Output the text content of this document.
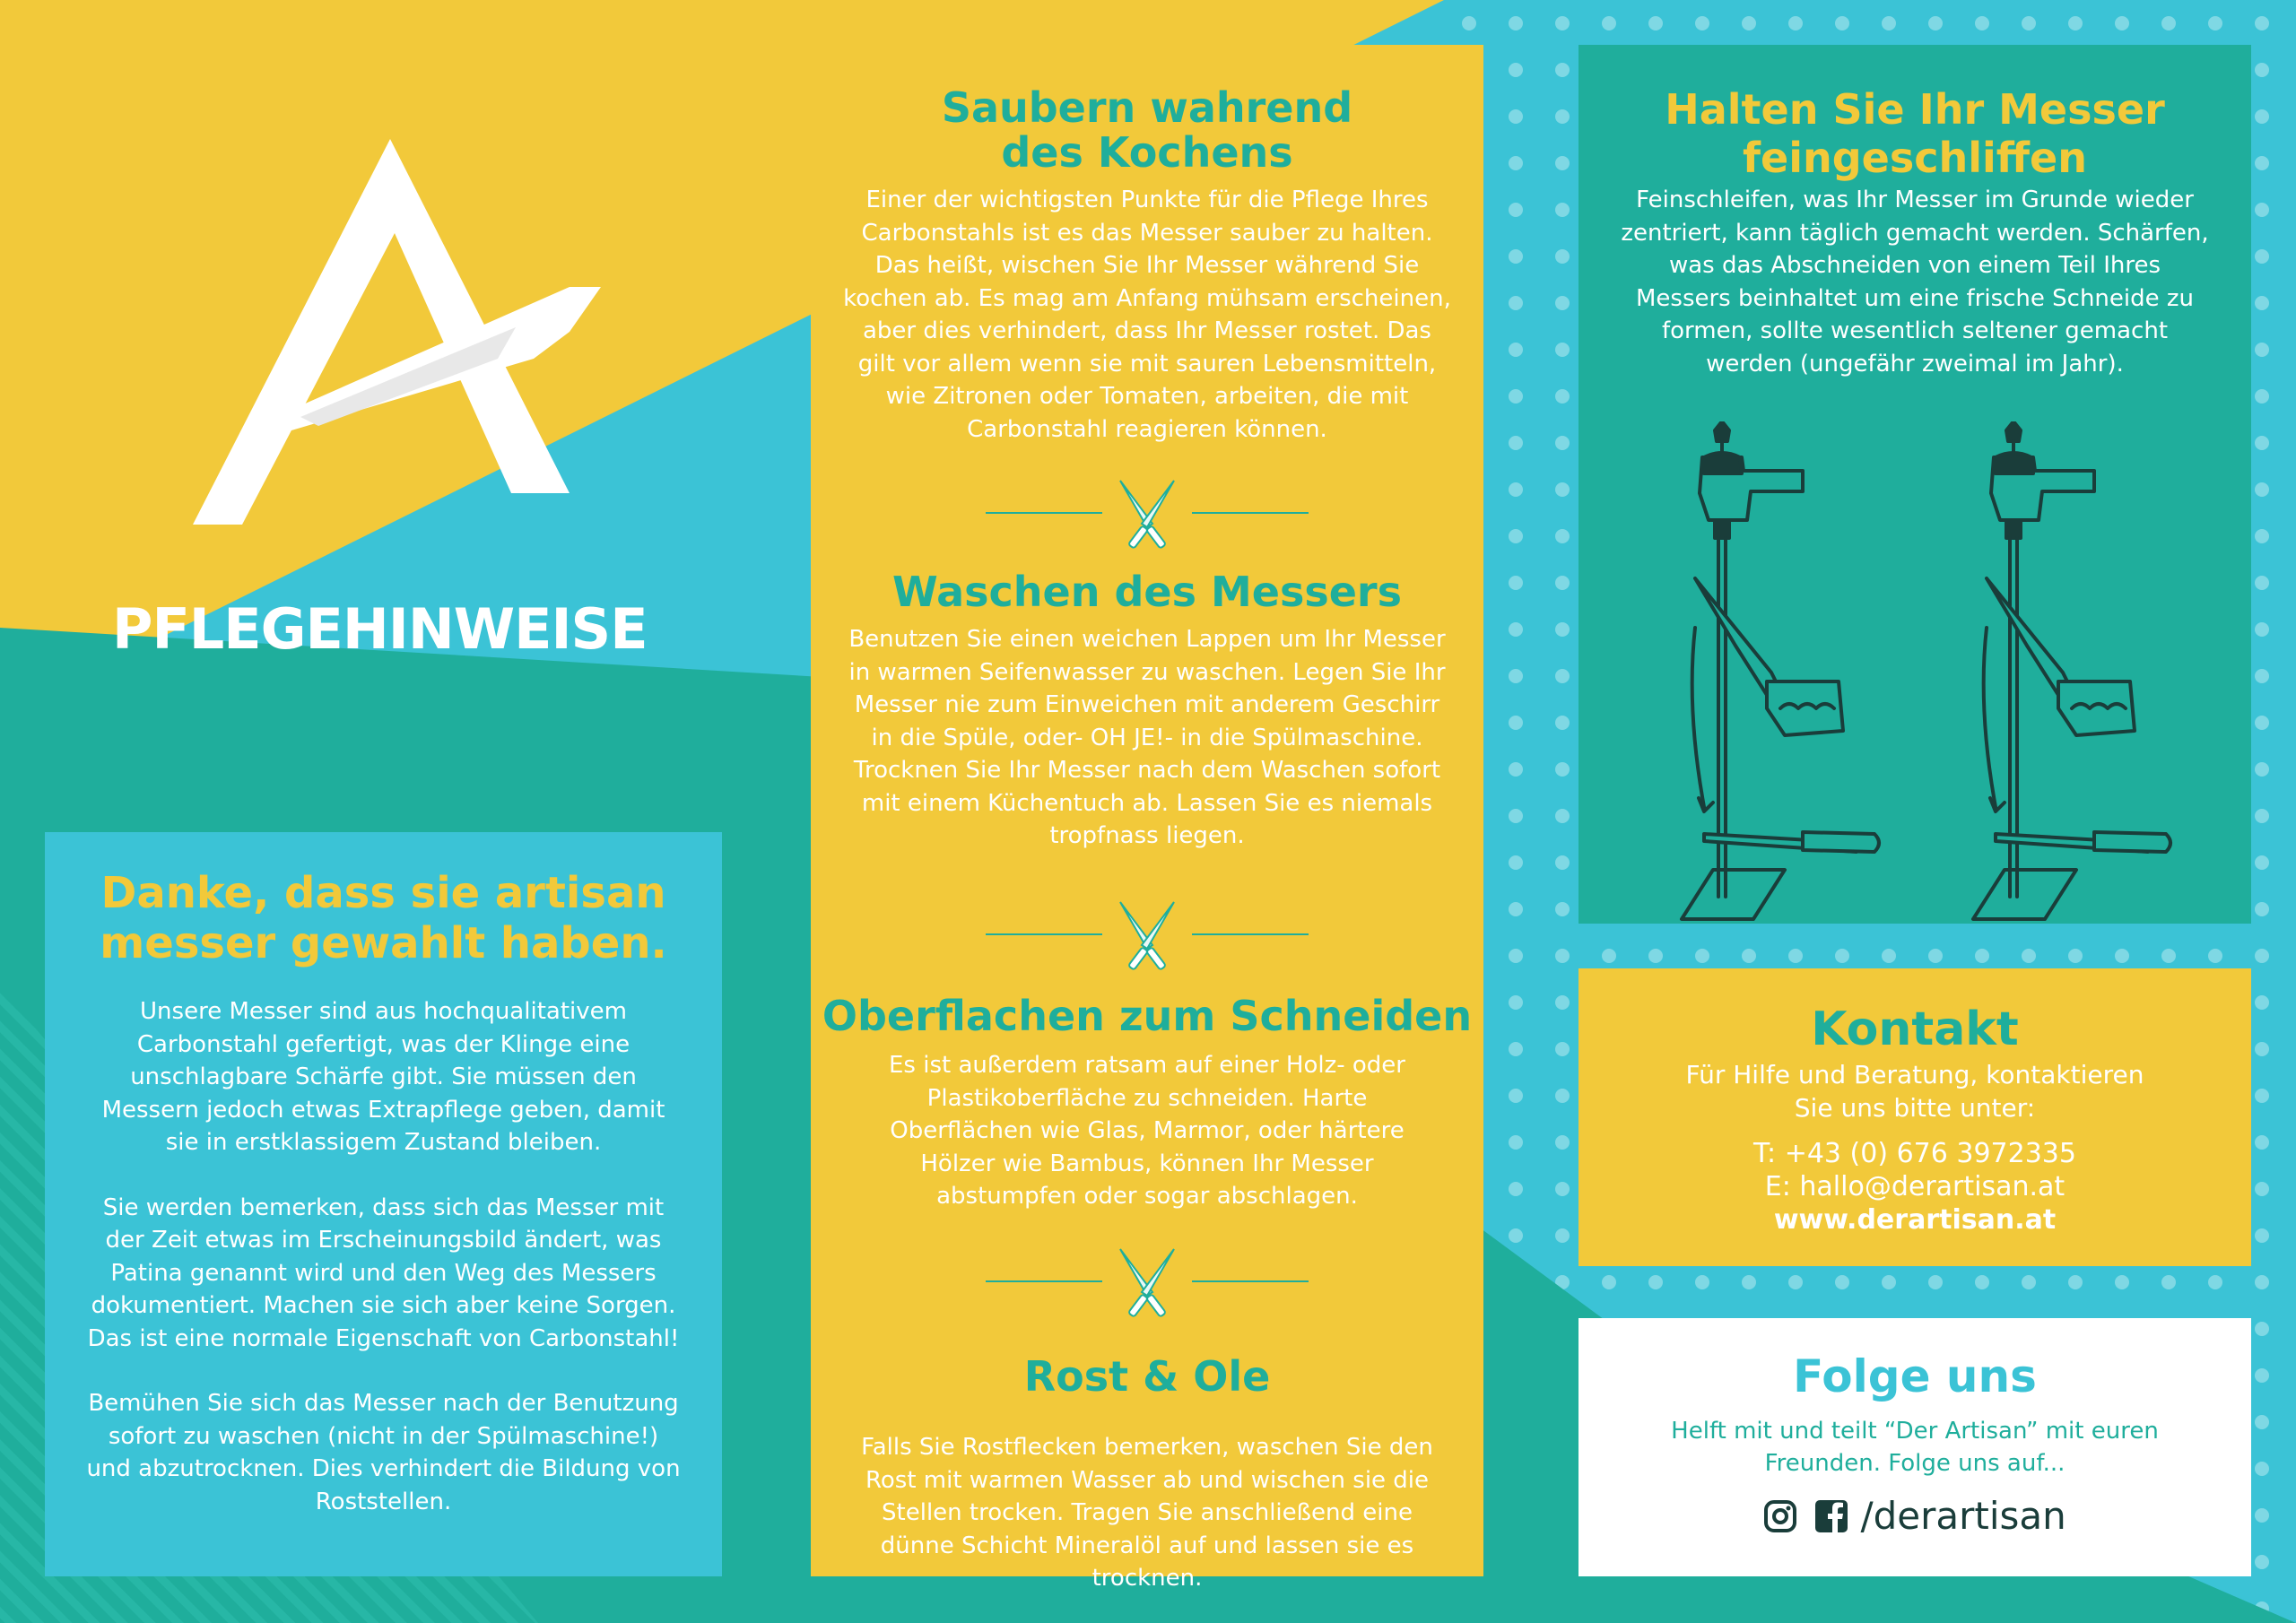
PFLEGEHINWEISE
Danke, dass sie artisan
messer gewahlt haben.

Unsere Messer sind aus hochqualitativem Carbonstahl gefertigt, was der Klinge eine unschlagbare Schärfe gibt. Sie müssen den Messern jedoch etwas Extrapflege geben, damit sie in erstklassigem Zustand bleiben.

Sie werden bemerken, dass sich das Messer mit der Zeit etwas im Erscheinungsbild ändert, was Patina genannt wird und den Weg des Messers dokumentiert. Machen sie sich aber keine Sorgen. Das ist eine normale Eigenschaft von Carbonstahl!

Bemühen Sie sich das Messer nach der Benutzung sofort zu waschen (nicht in der Spülmaschine!) und abzutrocknen. Dies verhindert die Bildung von Roststellen.

Saubern wahrend
des Kochens
Einer der wichtigsten Punkte für die Pflege Ihres Carbonstahls ist es das Messer sauber zu halten. Das heißt, wischen Sie Ihr Messer während Sie kochen ab. Es mag am Anfang mühsam erscheinen, aber dies verhindert, dass Ihr Messer rostet. Das gilt vor allem wenn sie mit sauren Lebensmitteln, wie Zitronen oder Tomaten, arbeiten, die mit Carbonstahl reagieren können.
Waschen des Messers
Benutzen Sie einen weichen Lappen um Ihr Messer in warmen Seifenwasser zu waschen. Legen Sie Ihr Messer nie zum Einweichen mit anderem Geschirr in die Spüle, oder- OH JE!- in die Spülmaschine. Trocknen Sie Ihr Messer nach dem Waschen sofort mit einem Küchentuch ab. Lassen Sie es niemals tropfnass liegen.
Oberflachen zum Schneiden
Es ist außerdem ratsam auf einer Holz- oder Plastikoberfläche zu schneiden. Harte Oberflächen wie Glas, Marmor, oder härtere Hölzer wie Bambus, können Ihr Messer abstumpfen oder sogar abschlagen.
Rost & Ole
Falls Sie Rostflecken bemerken, waschen Sie den Rost mit warmen Wasser ab und wischen sie die Stellen trocken. Tragen Sie anschließend eine dünne Schicht Mineralöl auf und lassen sie es trocknen.
Halten Sie Ihr Messer
feingeschliffen
Feinschleifen, was Ihr Messer im Grunde wieder zentriert, kann täglich gemacht werden. Schärfen, was das Abschneiden von einem Teil Ihres Messers beinhaltet um eine frische Schneide zu formen, sollte wesentlich seltener gemacht werden (ungefähr zweimal im Jahr).
Kontakt
Für Hilfe und Beratung, kontaktieren
Sie uns bitte unter:
T: +43 (0) 676 3972335
E: hallo@derartisan.at
www.derartisan.at
Folge uns
Helft mit und teilt “Der Artisan” mit euren
Freunden. Folge uns auf...
/derartisan
